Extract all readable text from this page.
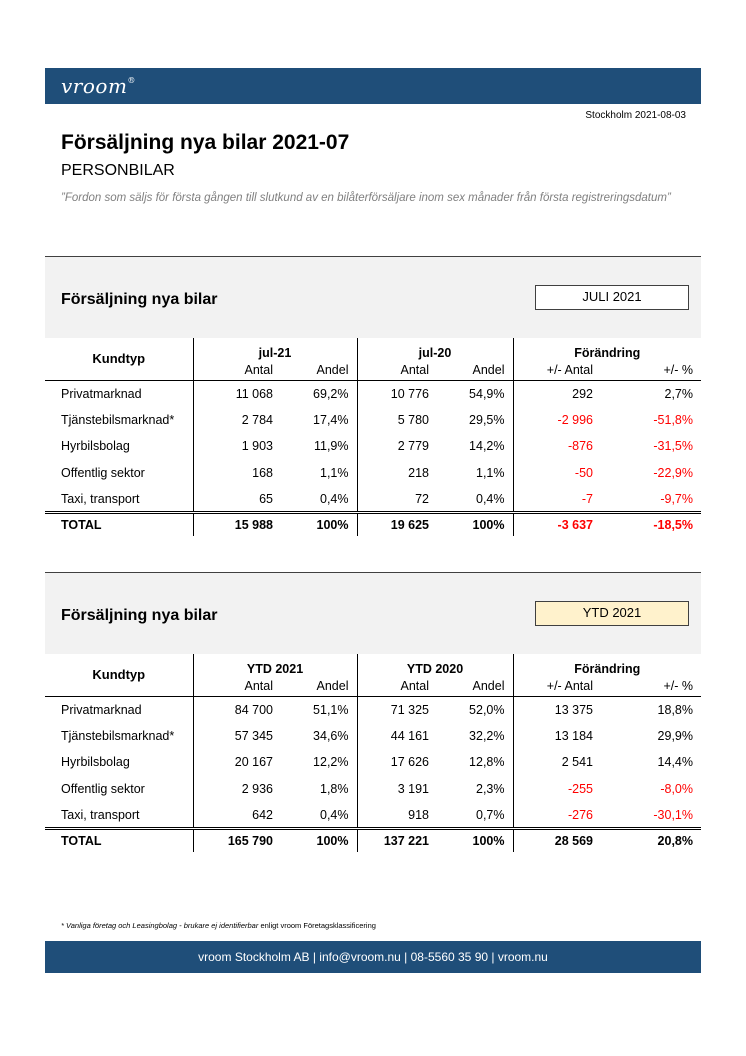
vroom®
Stockholm 2021-08-03
Försäljning nya bilar 2021-07
PERSONBILAR
”Fordon som säljs för första gången till slutkund av en bilåterförsäljare inom sex månader från första registreringsdatum”
Försäljning nya bilar	JULI 2021
Kundtyp	jul-21		jul-20		Förändring	
	Antal	Andel	Antal	Andel	+/- Antal	+/- %
Privatmarknad	11 068	69,2%	10 776	54,9%	292	2,7%
Tjänstebilsmarknad*	2 784	17,4%	5 780	29,5%	-2 996	-51,8%
Hyrbilsbolag	1 903	11,9%	2 779	14,2%	-876	-31,5%
Offentlig sektor	168	1,1%	218	1,1%	-50	-22,9%
Taxi, transport	65	0,4%	72	0,4%	-7	-9,7%
TOTAL	15 988	100%	19 625	100%	-3 637	-18,5%
Försäljning nya bilar	YTD 2021
Kundtyp	YTD 2021		YTD 2020		Förändring	
	Antal	Andel	Antal	Andel	+/- Antal	+/- %
Privatmarknad	84 700	51,1%	71 325	52,0%	13 375	18,8%
Tjänstebilsmarknad*	57 345	34,6%	44 161	32,2%	13 184	29,9%
Hyrbilsbolag	20 167	12,2%	17 626	12,8%	2 541	14,4%
Offentlig sektor	2 936	1,8%	3 191	2,3%	-255	-8,0%
Taxi, transport	642	0,4%	918	0,7%	-276	-30,1%
TOTAL	165 790	100%	137 221	100%	28 569	20,8%
* Vanliga företag och Leasingbolag - brukare ej identifierbar enligt vroom Företagsklassificering
vroom Stockholm AB | info@vroom.nu | 08-5560 35 90 | vroom.nu
